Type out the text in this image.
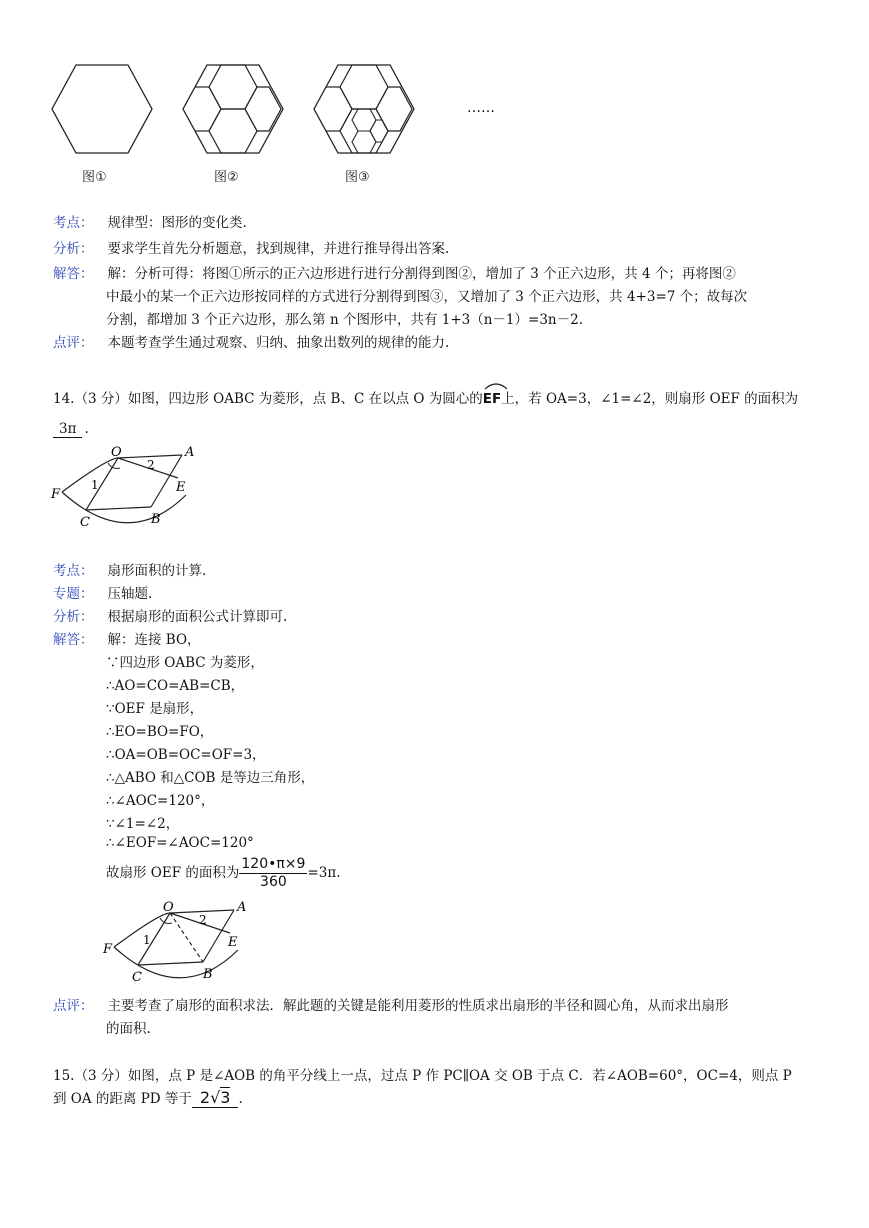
……
图①	图②	图③
考点： 规律型：图形的变化类.
分析： 要求学生首先分析题意，找到规律，并进行推导得出答案.
解答： 解：分析可得：将图①所示的正六边形进行进行分割得到图②，增加了 3 个正六边形，共 4 个；再将图②
中最小的某一个正六边形按同样的方式进行分割得到图③，又增加了 3 个正六边形，共 4+3=7 个；故每次
分割，都增加 3 个正六边形，那么第 n 个图形中，共有 1+3（n－1）=3n－2.
点评： 本题考查学生通过观察、归纳、抽象出数列的规律的能力.
14.（3 分）如图，四边形 OABC 为菱形，点 B、C 在以点 O 为圆心的
EF上，若 OA=3，∠1=∠2，则扇形 OEF 的面积为
3π .
O	A
E
F
C	B
1
2
考点： 扇形面积的计算.
专题： 压轴题.
分析： 根据扇形的面积公式计算即可.
解答： 解：连接 BO，
∵四边形 OABC 为菱形，
∴AO=CO=AB=CB，
∵OEF 是扇形，
∴EO=BO=FO，
∴OA=OB=OC=OF=3，
∴△ABO 和△COB 是等边三角形，
∴∠AOC=120°，
∵∠1=∠2，
∴∠EOF=∠AOC=120°
故扇形 OEF 的面积为 $\frac{120•\pi\times 9}{360} =3\pi$.
O	A
E
F
C	B
1
2
点评： 主要考查了扇形的面积求法．解此题的关键是能利用菱形的性质求出扇形的半径和圆心角，从而求出扇形
的面积.
15.（3 分）如图，点 P 是∠AOB 的角平分线上一点，过点 P 作 PC∥OA 交 OB 于点 C．若∠AOB=60°，OC=4，则点 P
到 OA 的距离 PD 等于 2√3 .
